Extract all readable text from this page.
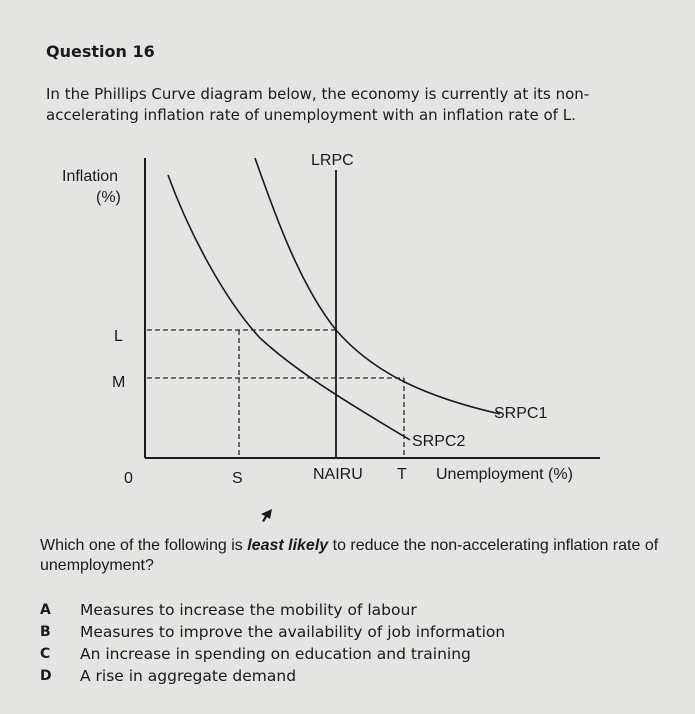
Question 16
In the Phillips Curve diagram below, the economy is currently at its non-accelerating inflation rate of unemployment with an inflation rate of L.
Inflation
(%)
L
M
0	S	NAIRU T Unemployment (%)
LRPC
SRPC1
SRPC2
Which one of the following is least likely to reduce the non-accelerating inflation rate of unemployment?
A	Measures to increase the mobility of labour
B	Measures to improve the availability of job information
C	An increase in spending on education and training
D	A rise in aggregate demand
